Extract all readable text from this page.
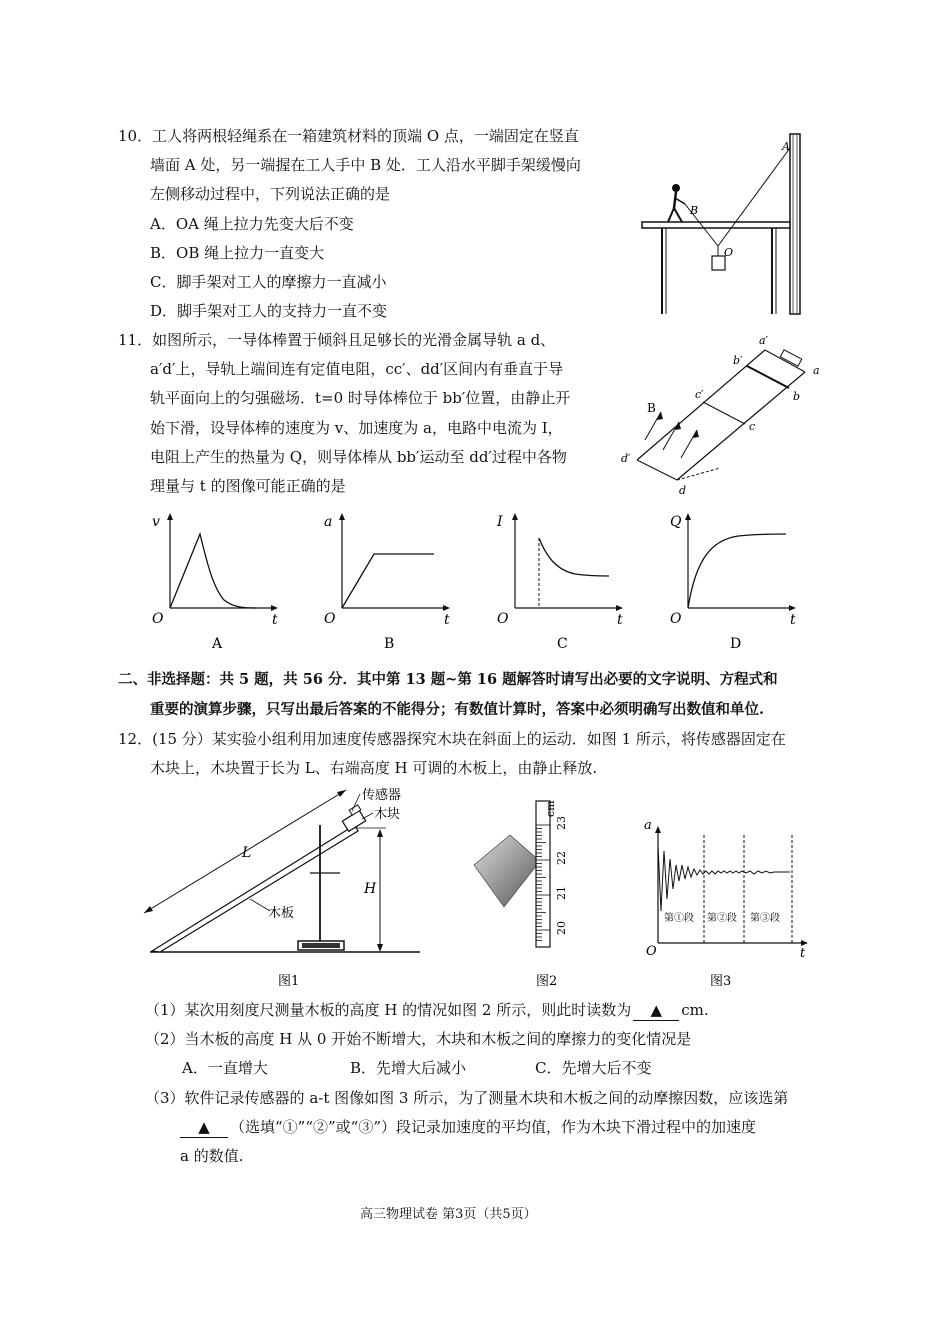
10．工人将两根轻绳系在一箱建筑材料的顶端 O 点，一端固定在竖直
墙面 A 处，另一端握在工人手中 B 处．工人沿水平脚手架缓慢向
左侧移动过程中，下列说法正确的是
A．OA 绳上拉力先变大后不变
B．OB 绳上拉力一直变大
C．脚手架对工人的摩擦力一直减小
D．脚手架对工人的支持力一直不变
A
B
O
11．如图所示，一导体棒置于倾斜且足够长的光滑金属导轨 a d、
a′d′上，导轨上端间连有定值电阻，cc′、dd′区间内有垂直于导
轨平面向上的匀强磁场．t=0 时导体棒位于 bb′位置，由静止开
始下滑，设导体棒的速度为 v、加速度为 a，电路中电流为 I，
电阻上产生的热量为 Q，则导体棒从 bb′运动至 dd′过程中各物
理量与 t 的图像可能正确的是
a′
a
b′
b
c′
c
d′
d
B
v
O	t
A
a
O	t
B
I
O	t
C
Q
O	t
D
二、非选择题：共 5 题，共 56 分．其中第 13 题~第 16 题解答时请写出必要的文字说明、方程式和
重要的演算步骤，只写出最后答案的不能得分；有数值计算时，答案中必须明确写出数值和单位.
12．(15 分）某实验小组利用加速度传感器探究木块在斜面上的运动．如图 1 所示，将传感器固定在
木块上，木块置于长为 L、右端高度 H 可调的木板上，由静止释放.
传感器
木块
木板
L
H
图1
cm
23
22
21
20
图2
a
O	t
第①段 第②段 第③段
图3
（1）某次用刻度尺测量木板的高度 H 的情况如图 2 所示，则此时读数为 ▲ cm.
（2）当木板的高度 H 从 0 开始不断增大，木块和木板之间的摩擦力的变化情况是
A．一直增大	B．先增大后减小	C．先增大后不变
（3）软件记录传感器的 a-t 图像如图 3 所示，为了测量木块和木板之间的动摩擦因数，应该选第
▲ （选填“①”“②”或“③”）段记录加速度的平均值，作为木块下滑过程中的加速度
a 的数值.
高三物理试卷 第3页（共5页）
